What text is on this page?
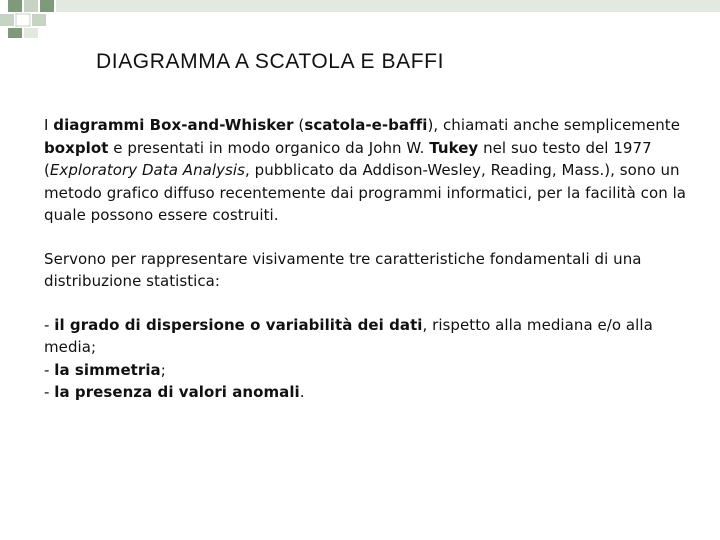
DIAGRAMMA A SCATOLA E BAFFI

I diagrammi Box-and-Whisker (scatola-e-baffi), chiamati anche semplicemente boxplot e presentati in modo organico da John W. Tukey nel suo testo del 1977 (Exploratory Data Analysis, pubblicato da Addison-Wesley, Reading, Mass.), sono un metodo grafico diffuso recentemente dai programmi informatici, per la facilità con la quale possono essere costruiti.

Servono per rappresentare visivamente tre caratteristiche fondamentali di una distribuzione statistica:

- il grado di dispersione o variabilità dei dati, rispetto alla mediana e/o alla media;
- la simmetria;
- la presenza di valori anomali.
